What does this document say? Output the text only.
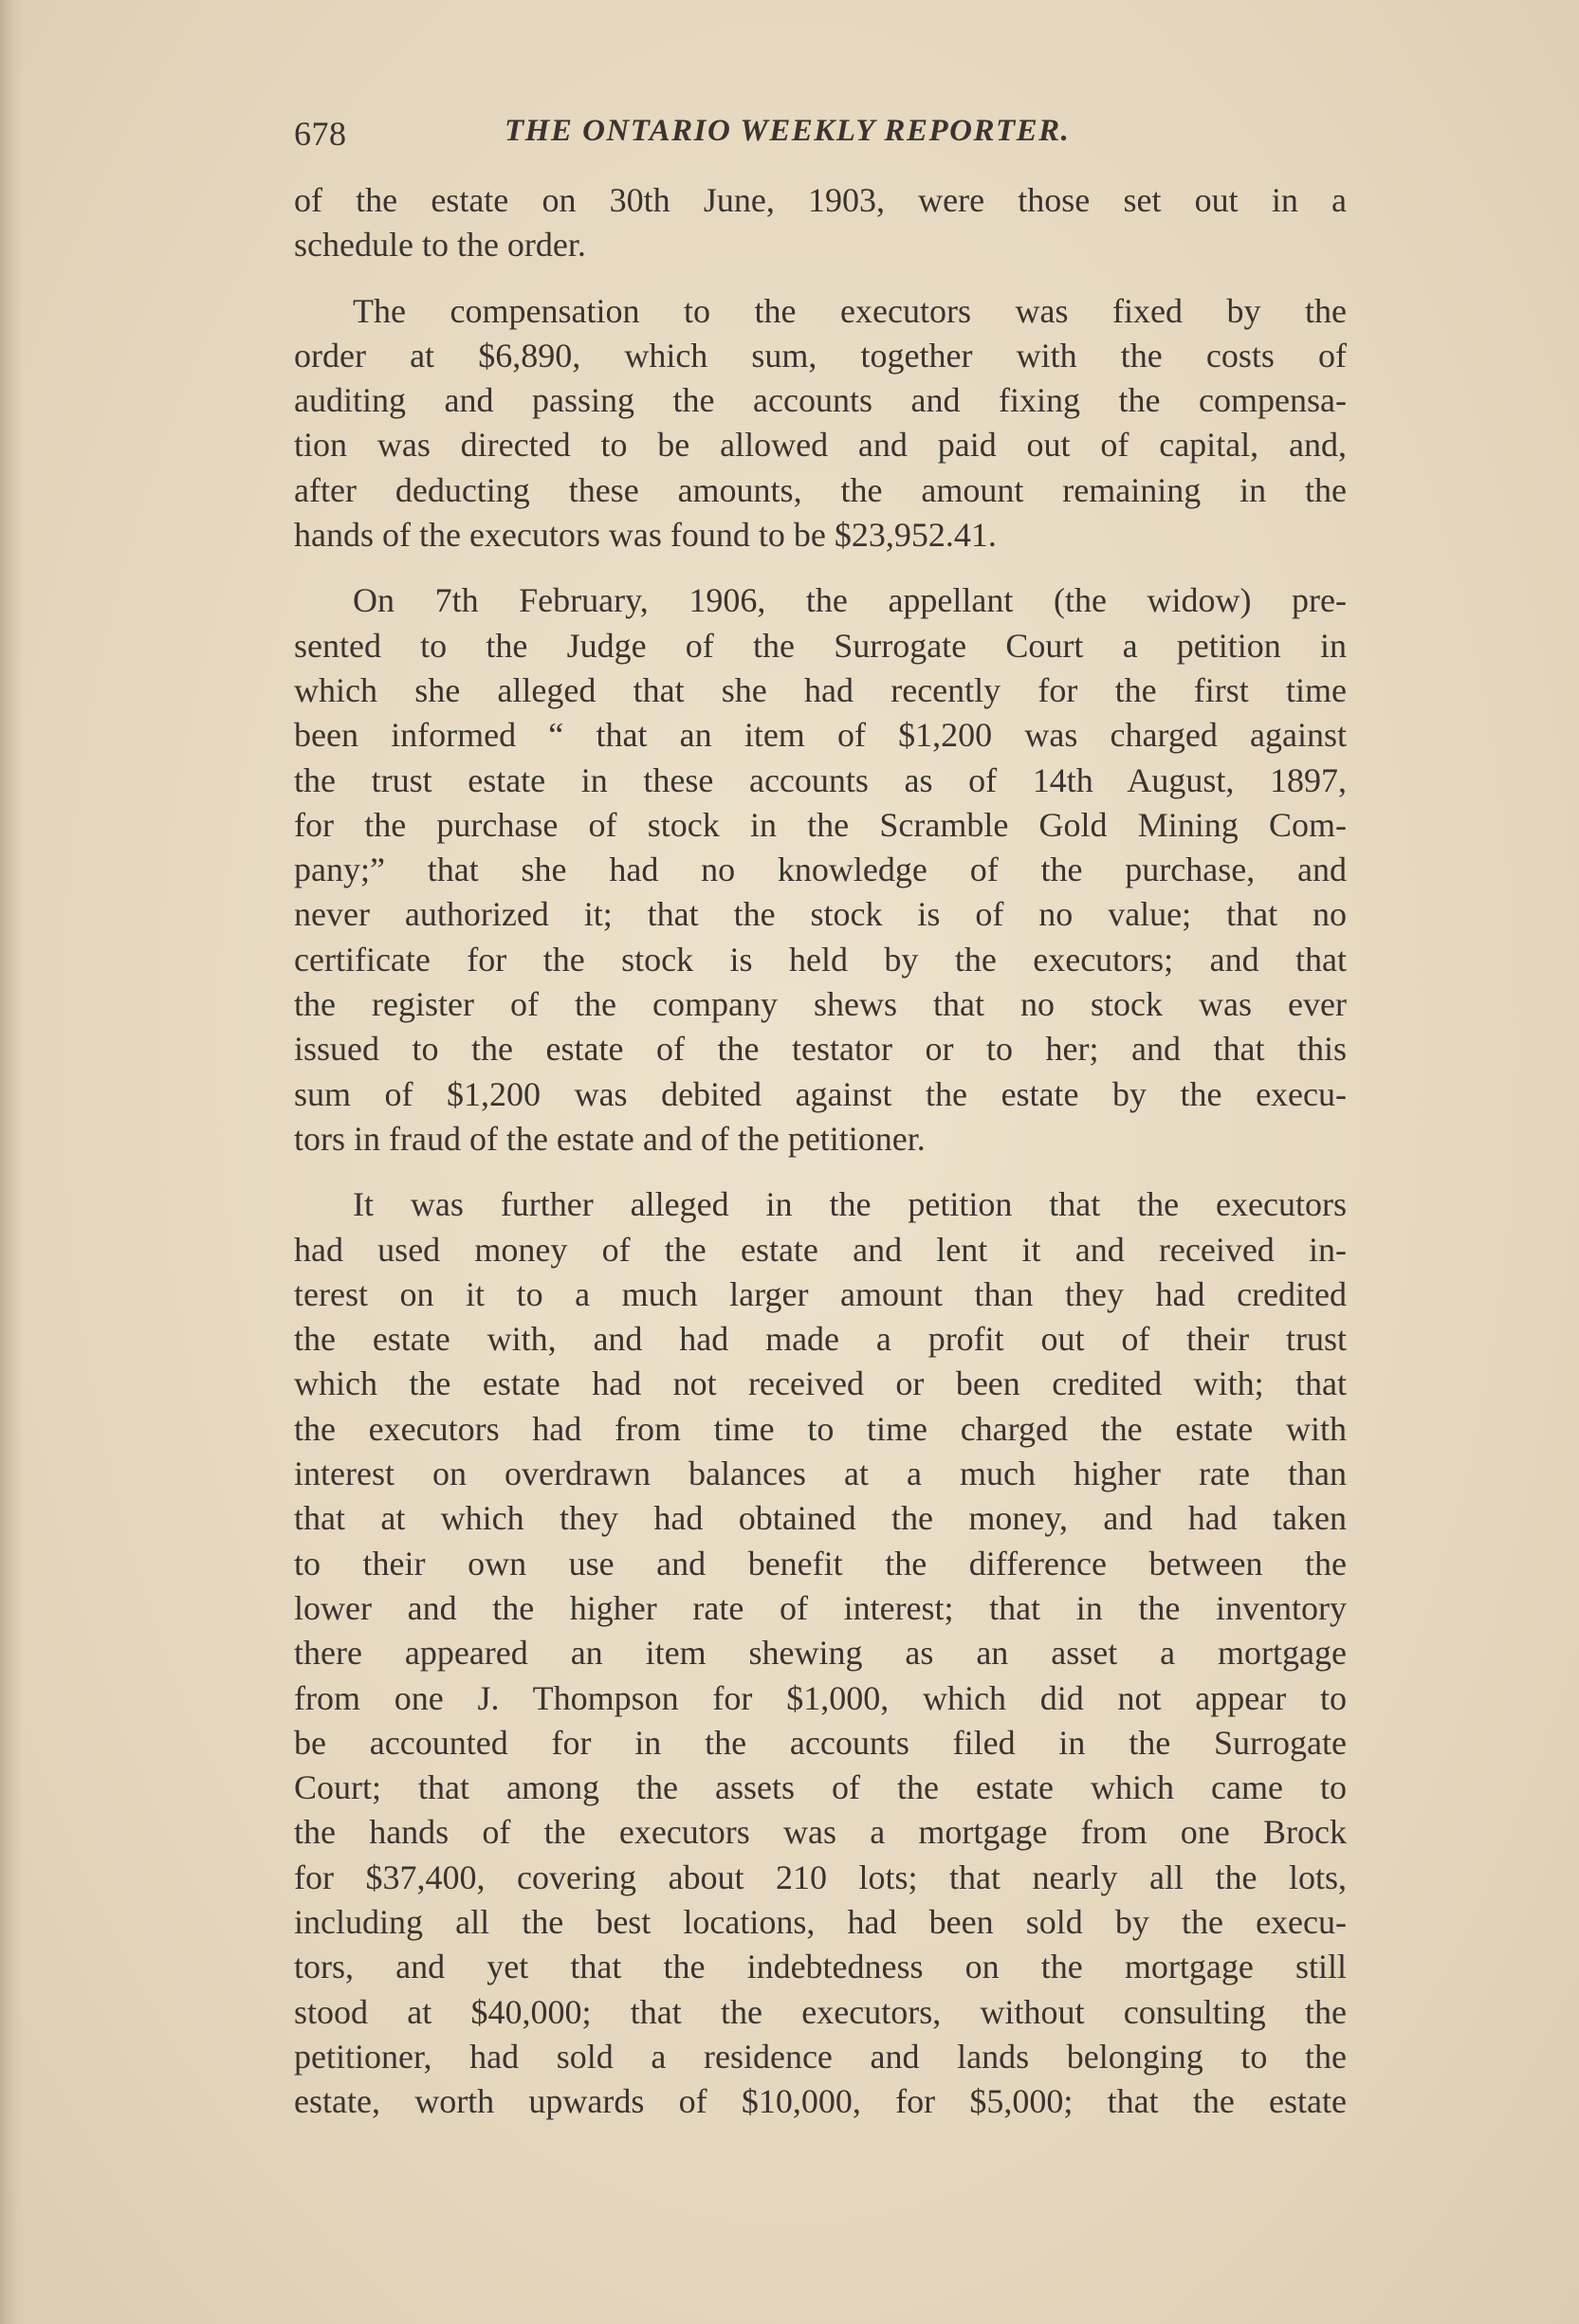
678	THE ONTARIO WEEKLY REPORTER.
of the estate on 30th June, 1903, were those set out in a
schedule to the order.
The compensation to the executors was fixed by the
order at $6,890, which sum, together with the costs of
auditing and passing the accounts and fixing the compensa-
tion was directed to be allowed and paid out of capital, and,
after deducting these amounts, the amount remaining in the
hands of the executors was found to be $23,952.41.
On 7th February, 1906, the appellant (the widow) pre-
sented to the Judge of the Surrogate Court a petition in
which she alleged that she had recently for the first time
been informed “ that an item of $1,200 was charged against
the trust estate in these accounts as of 14th August, 1897,
for the purchase of stock in the Scramble Gold Mining Com-
pany;” that she had no knowledge of the purchase, and
never authorized it; that the stock is of no value; that no
certificate for the stock is held by the executors; and that
the register of the company shews that no stock was ever
issued to the estate of the testator or to her; and that this
sum of $1,200 was debited against the estate by the execu-
tors in fraud of the estate and of the petitioner.
It was further alleged in the petition that the executors
had used money of the estate and lent it and received in-
terest on it to a much larger amount than they had credited
the estate with, and had made a profit out of their trust
which the estate had not received or been credited with; that
the executors had from time to time charged the estate with
interest on overdrawn balances at a much higher rate than
that at which they had obtained the money, and had taken
to their own use and benefit the difference between the
lower and the higher rate of interest; that in the inventory
there appeared an item shewing as an asset a mortgage
from one J. Thompson for $1,000, which did not appear to
be accounted for in the accounts filed in the Surrogate
Court; that among the assets of the estate which came to
the hands of the executors was a mortgage from one Brock
for $37,400, covering about 210 lots; that nearly all the lots,
including all the best locations, had been sold by the execu-
tors, and yet that the indebtedness on the mortgage still
stood at $40,000; that the executors, without consulting the
petitioner, had sold a residence and lands belonging to the
estate, worth upwards of $10,000, for $5,000; that the estate
